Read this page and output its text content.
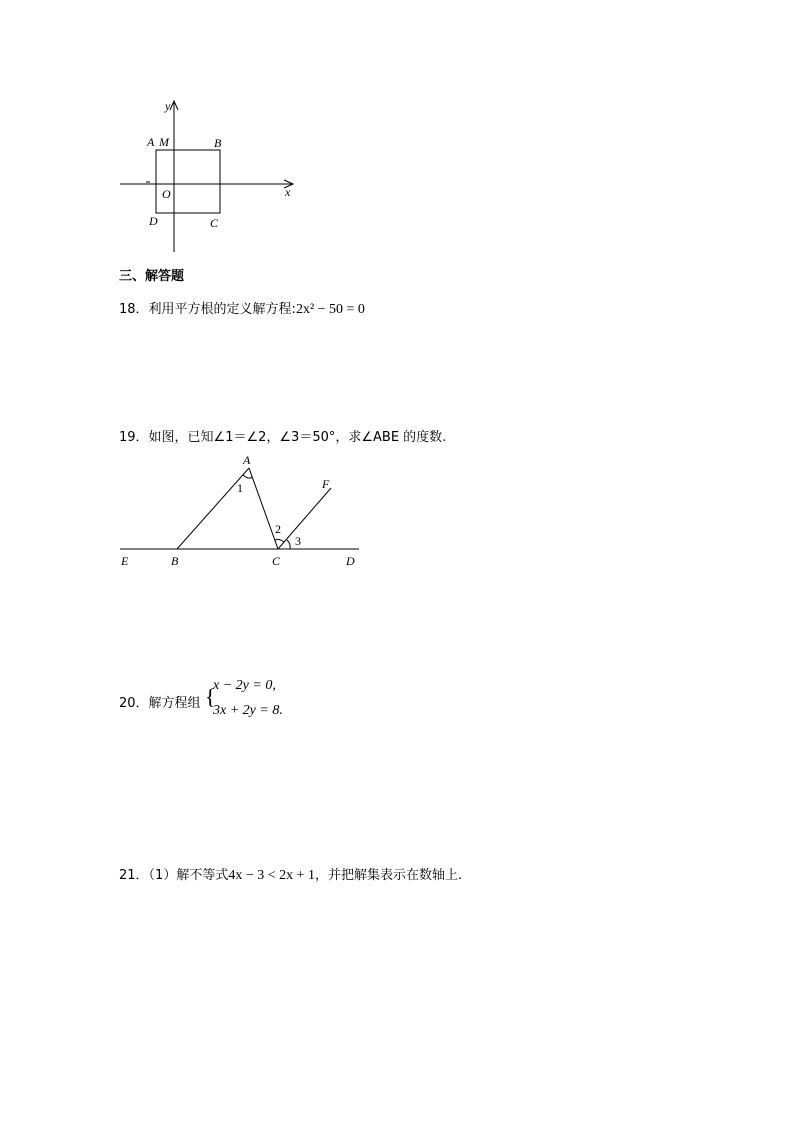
y
x
A M	B
O
D	C
三、解答题
18．利用平方根的定义解方程:2x² − 50 = 0
19．如图，已知∠1＝∠2，∠3＝50°，求∠ABE 的度数.
A
1	F
2
3
E	B	C	D
20．解方程组 {
x − 2y = 0,
3x + 2y = 8.
21．（1）解不等式4x − 3 < 2x + 1，并把解集表示在数轴上.
